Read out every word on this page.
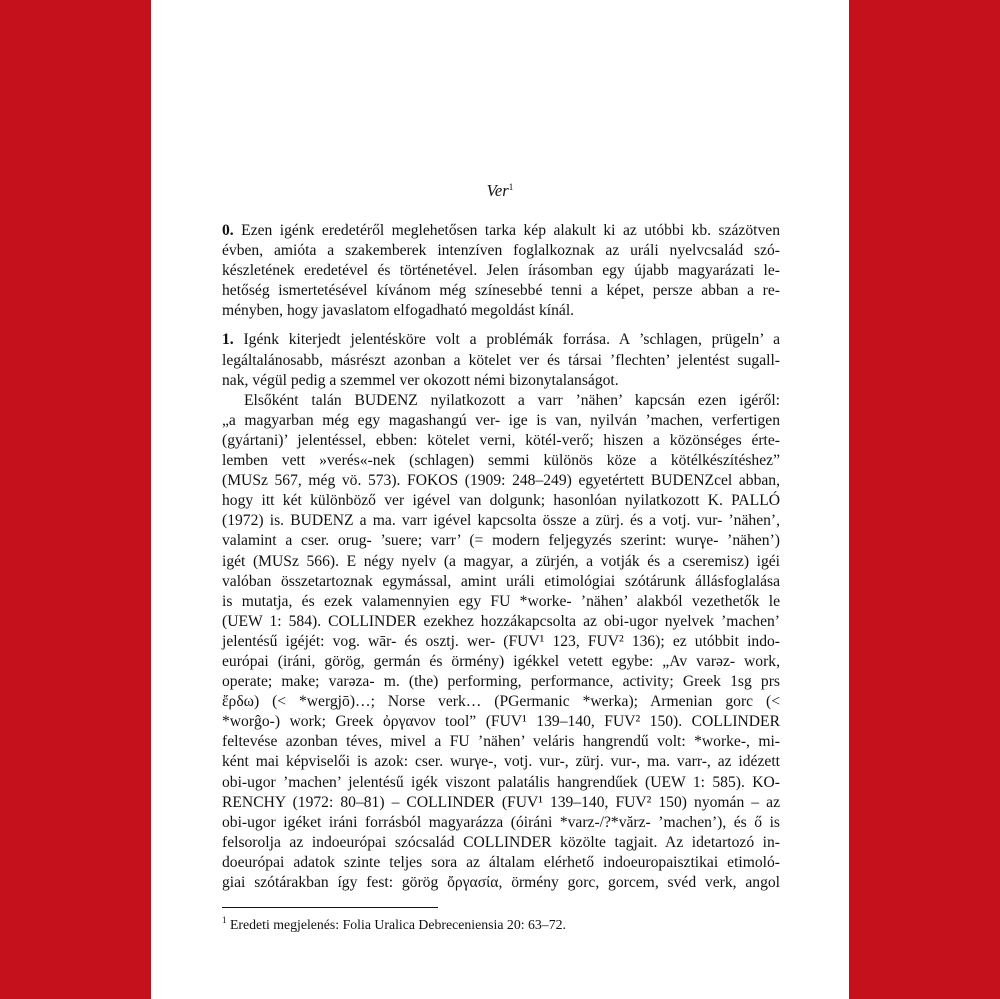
Ver$^1$
0. Ezen igénk eredetéről meglehetősen tarka kép alakult ki az utóbbi kb. százötven
évben, amióta a szakemberek intenzíven foglalkoznak az uráli nyelvcsalád szó-
készletének eredetével és történetével. Jelen írásomban egy újabb magyarázati le-
hetőség ismertetésével kívánom még színesebbé tenni a képet, persze abban a re-
ményben, hogy javaslatom elfogadható megoldást kínál.
1. Igénk kiterjedt jelentésköre volt a problémák forrása. A ’schlagen, prügeln’ a
legáltalánosabb, másrészt azonban a kötelet ver és társai ’flechten’ jelentést sugall-
nak, végül pedig a szemmel ver okozott némi bizonytalanságot.
Elsőként talán BUDENZ nyilatkozott a varr ’nähen’ kapcsán ezen igéről:
„a magyarban még egy magashangú ver- ige is van, nyilván ’machen, verfertigen
(gyártani)’ jelentéssel, ebben: kötelet verni, kötél-verő; hiszen a közönséges érte-
lemben vett »verés«-nek (schlagen) semmi különös köze a kötélkészítéshez”
(MUSz 567, még vö. 573). FOKOS (1909: 248–249) egyetértett BUDENZcel abban,
hogy itt két különböző ver igével van dolgunk; hasonlóan nyilatkozott K. PALLÓ
(1972) is. BUDENZ a ma. varr igével kapcsolta össze a zürj. és a votj. vur- ’nähen’,
valamint a cser. orug- ’suere; varr’ (= modern feljegyzés szerint: wurγe- ’nähen’)
igét (MUSz 566). E négy nyelv (a magyar, a zürjén, a votják és a cseremisz) igéi
valóban összetartoznak egymással, amint uráli etimológiai szótárunk állásfoglalása
is mutatja, és ezek valamennyien egy FU *worke- ’nähen’ alakból vezethetők le
(UEW 1: 584). COLLINDER ezekhez hozzákapcsolta az obi-ugor nyelvek ’machen’
jelentésű igéjét: vog. wār- és osztj. wer- (FUV¹ 123, FUV² 136); ez utóbbit indo-
európai (iráni, görög, germán és örmény) igékkel vetett egybe: „Av varəz- work,
operate; make; varəza- m. (the) performing, performance, activity; Greek 1sg prs
ἔρδω) (< *wergjō)…; Norse verk… (PGermanic *werka); Armenian gorc (<
*worĝo-) work; Greek ὀργανον tool” (FUV¹ 139–140, FUV² 150). COLLINDER
feltevése azonban téves, mivel a FU ’nähen’ veláris hangrendű volt: *worke-, mi-
ként mai képviselői is azok: cser. wurγe-, votj. vur-, zürj. vur-, ma. varr-, az idézett
obi-ugor ’machen’ jelentésű igék viszont palatális hangrendűek (UEW 1: 585). KO-
RENCHY (1972: 80–81) – COLLINDER (FUV¹ 139–140, FUV² 150) nyomán – az
obi-ugor igéket iráni forrásból magyarázza (óiráni *varz-/?*vărz- ’machen’), és ő is
felsorolja az indoeurópai szócsalád COLLINDER közölte tagjait. Az idetartozó in-
doeurópai adatok szinte teljes sora az általam elérhető indoeuropaisztikai etimoló-
giai szótárakban így fest: görög ὄργασία, örmény gorc, gorcem, svéd verk, angol
$^1$ Eredeti megjelenés: Folia Uralica Debreceniensia 20: 63–72.
